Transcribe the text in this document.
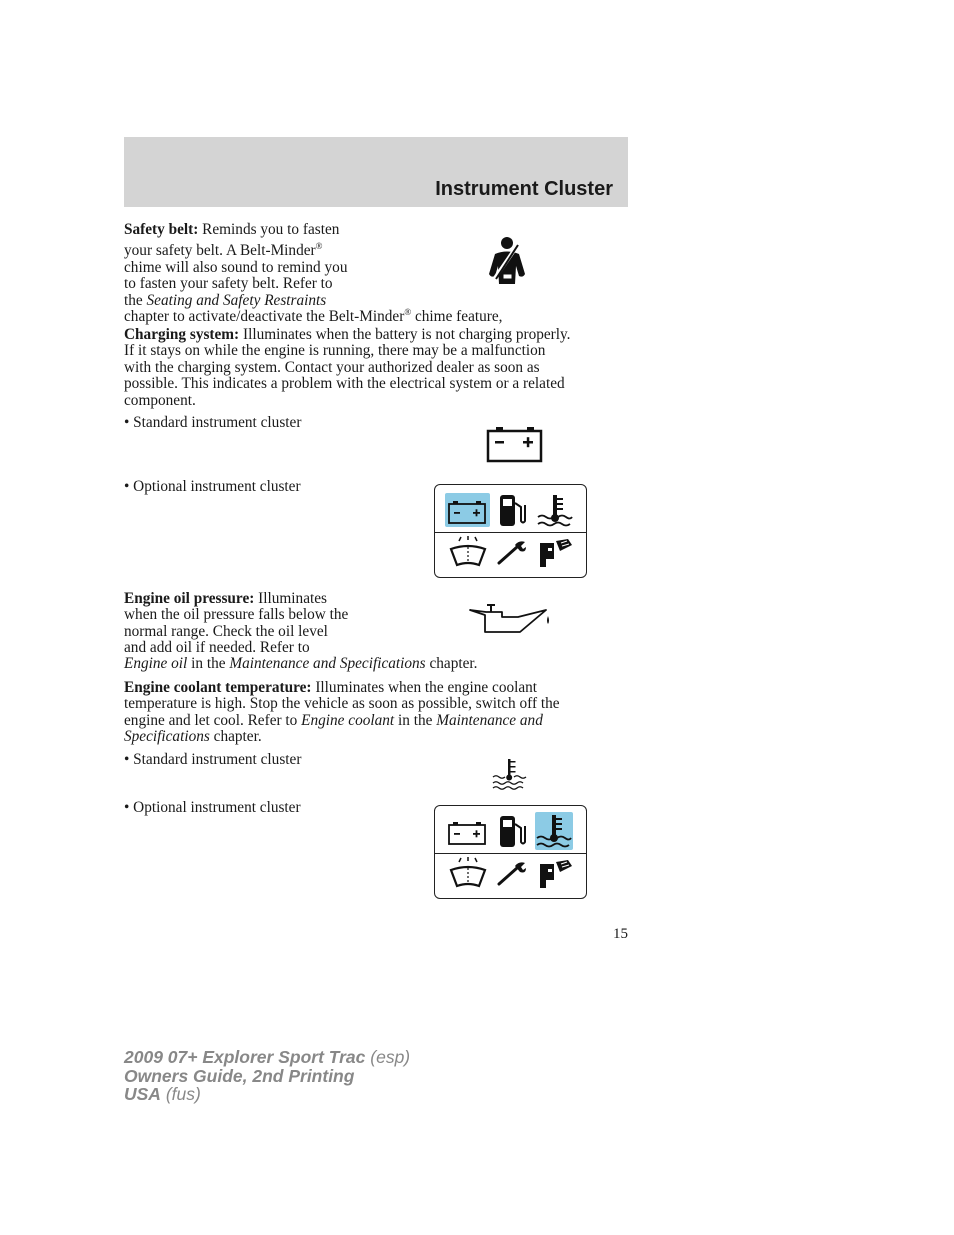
Instrument Cluster
Safety belt: Reminds you to fasten
your safety belt. A Belt-Minder®
chime will also sound to remind you
to fasten your safety belt. Refer to
the Seating and Safety Restraints
chapter to activate/deactivate the Belt-Minder® chime feature,
Charging system: Illuminates when the battery is not charging properly.
If it stays on while the engine is running, there may be a malfunction
with the charging system. Contact your authorized dealer as soon as
possible. This indicates a problem with the electrical system or a related
component.
• Standard instrument cluster
• Optional instrument cluster
Engine oil pressure: Illuminates
when the oil pressure falls below the
normal range. Check the oil level
and add oil if needed. Refer to
Engine oil in the Maintenance and Specifications chapter.
Engine coolant temperature: Illuminates when the engine coolant
temperature is high. Stop the vehicle as soon as possible, switch off the
engine and let cool. Refer to Engine coolant in the Maintenance and
Specifications chapter.
• Standard instrument cluster
• Optional instrument cluster
15
2009 07+ Explorer Sport Trac (esp)
Owners Guide, 2nd Printing
USA (fus)
